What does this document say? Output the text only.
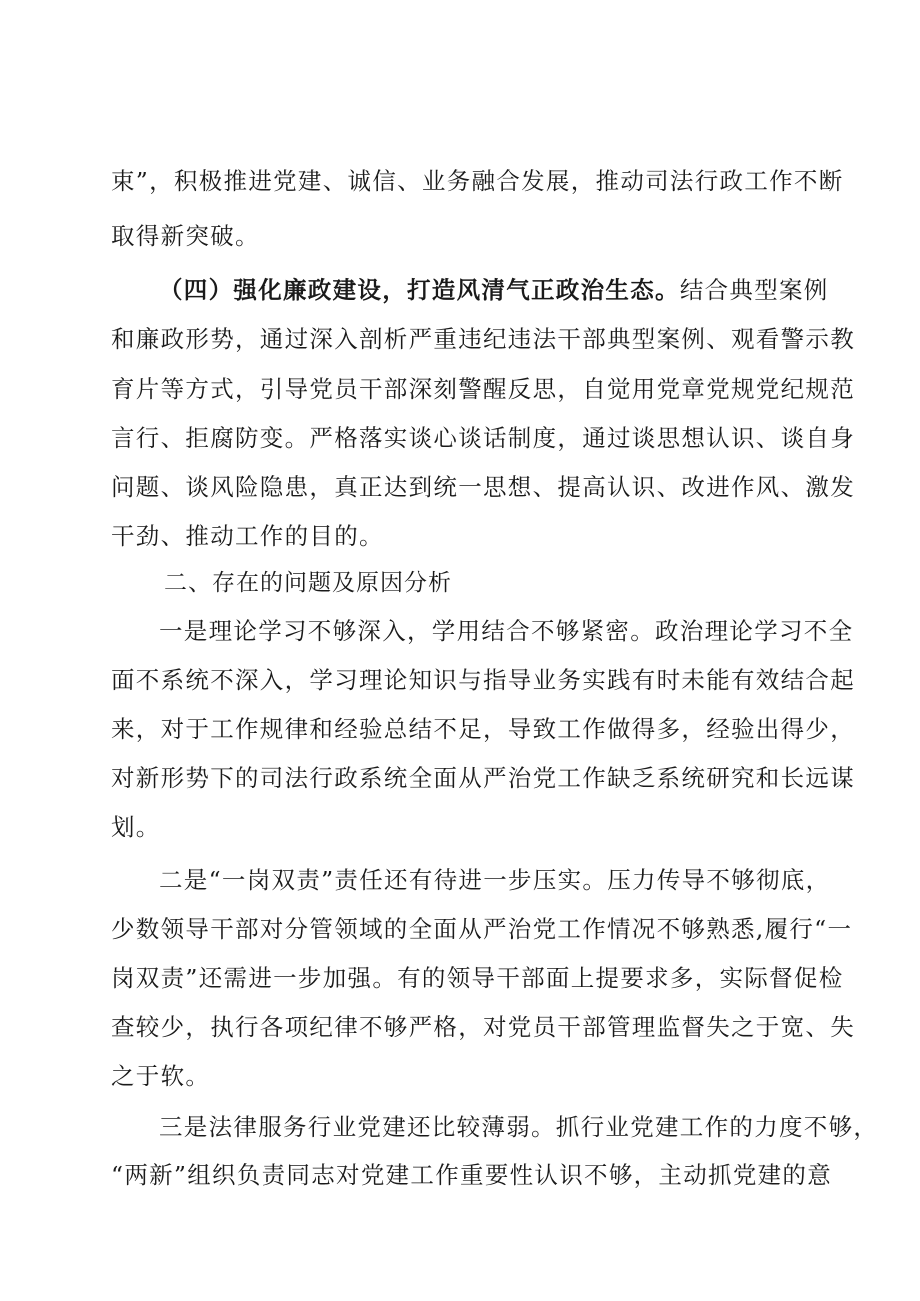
束”，积极推进党建、诚信、业务融合发展，推动司法行政工作不断
取得新突破。
（四）强化廉政建设，打造风清气正政治生态。结合典型案例
和廉政形势，通过深入剖析严重违纪违法干部典型案例、观看警示教
育片等方式，引导党员干部深刻警醒反思，自觉用党章党规党纪规范
言行、拒腐防变。严格落实谈心谈话制度，通过谈思想认识、谈自身
问题、谈风险隐患，真正达到统一思想、提高认识、改进作风、激发
干劲、推动工作的目的。
二、存在的问题及原因分析
一是理论学习不够深入，学用结合不够紧密。政治理论学习不全
面不系统不深入，学习理论知识与指导业务实践有时未能有效结合起
来，对于工作规律和经验总结不足，导致工作做得多，经验出得少，
对新形势下的司法行政系统全面从严治党工作缺乏系统研究和长远谋
划。
二是“一岗双责”责任还有待进一步压实。压力传导不够彻底，
少数领导干部对分管领域的全面从严治党工作情况不够熟悉,履行“一
岗双责”还需进一步加强。有的领导干部面上提要求多，实际督促检
查较少，执行各项纪律不够严格，对党员干部管理监督失之于宽、失
之于软。
三是法律服务行业党建还比较薄弱。抓行业党建工作的力度不够，
“两新”组织负责同志对党建工作重要性认识不够，主动抓党建的意
